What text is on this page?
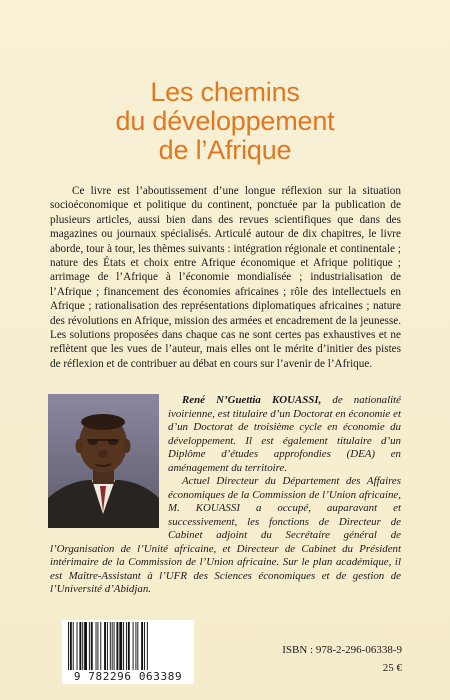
Les chemins
du développement
de l’Afrique

Ce livre est l’aboutissement d’une longue réflexion sur la situation socioéconomique et politique du continent, ponctuée par la publication de plusieurs articles, aussi bien dans des revues scientifiques que dans des magazines ou journaux spécialisés. Articulé autour de dix chapitres, le livre aborde, tour à tour, les thèmes suivants : intégration régionale et continentale ; nature des États et choix entre Afrique économique et Afrique politique ; arrimage de l’Afrique à l’économie mondialisée ; industrialisation de l’Afrique ; financement des économies africaines ; rôle des intellectuels en Afrique ; rationalisation des représentations diplomatiques africaines ; nature des révolutions en Afrique, mission des armées et encadrement de la jeunesse. Les solutions proposées dans chaque cas ne sont certes pas exhaustives et ne reflètent que les vues de l’auteur, mais elles ont le mérite d’initier des pistes de réflexion et de contribuer au débat en cours sur l’avenir de l’Afrique.

René N’Guettia KOUASSI, de nationalité ivoirienne, est titulaire d’un Doctorat en économie et d’un Doctorat de troisième cycle en économie du développement. Il est également titulaire d’un Diplôme d’études approfondies (DEA) en aménagement du territoire.

Actuel Directeur du Département des Affaires économiques de la Commission de l’Union africaine, M. KOUASSI a occupé, auparavant et successivement, les fonctions de Directeur de Cabinet adjoint du Secrétaire général de l’Organisation de l’Unité africaine, et Directeur de Cabinet du Président intérimaire de la Commission de l’Union africaine. Sur le plan académique, il est Maître-Assistant à l’UFR des Sciences économiques et de gestion de l’Université d’Abidjan.

9 782296 063389
ISBN : 978-2-296-06338-9
25 €
